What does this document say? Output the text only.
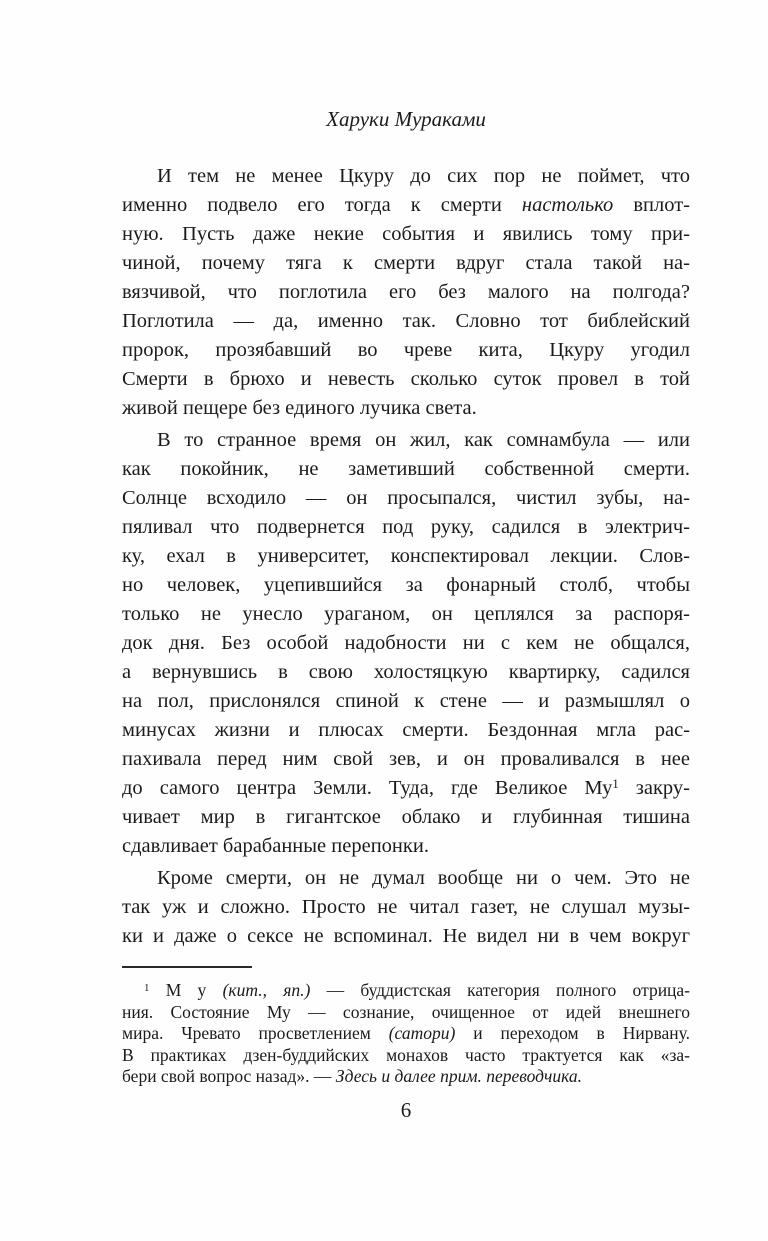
Харуки Мураками
И тем не менее Цкуру до сих пор не поймет, что
именно подвело его тогда к смерти настолько вплот-
ную. Пусть даже некие события и явились тому при-
чиной, почему тяга к смерти вдруг стала такой на-
вязчивой, что поглотила его без малого на полгода?
Поглотила — да, именно так. Словно тот библейский
пророк, прозябавший во чреве кита, Цкуру угодил
Смерти в брюхо и невесть сколько суток провел в той
живой пещере без единого лучика света.
В то странное время он жил, как сомнамбула — или
как покойник, не заметивший собственной смерти.
Солнце всходило — он просыпался, чистил зубы, на-
пяливал что подвернется под руку, садился в электрич-
ку, ехал в университет, конспектировал лекции. Слов-
но человек, уцепившийся за фонарный столб, чтобы
только не унесло ураганом, он цеплялся за распоря-
док дня. Без особой надобности ни с кем не общался,
а вернувшись в свою холостяцкую квартирку, садился
на пол, прислонялся спиной к стене — и размышлял о
минусах жизни и плюсах смерти. Бездонная мгла рас-
пахивала перед ним свой зев, и он проваливался в нее
до самого центра Земли. Туда, где Великое $Му^1$ закру-
чивает мир в гигантское облако и глубинная тишина
сдавливает барабанные перепонки.
Кроме смерти, он не думал вообще ни о чем. Это не
так уж и сложно. Просто не читал газет, не слушал музы-
ки и даже о сексе не вспоминал. Не видел ни в чем вокруг
$^1$ М у (кит., яп.) — буддистская категория полного отрица-
ния. Состояние Му — сознание, очищенное от идей внешнего
мира. Чревато просветлением (сатори) и переходом в Нирвану.
В практиках дзен-буддийских монахов часто трактуется как «за-
бери свой вопрос назад». — Здесь и далее прим. переводчика.
6
